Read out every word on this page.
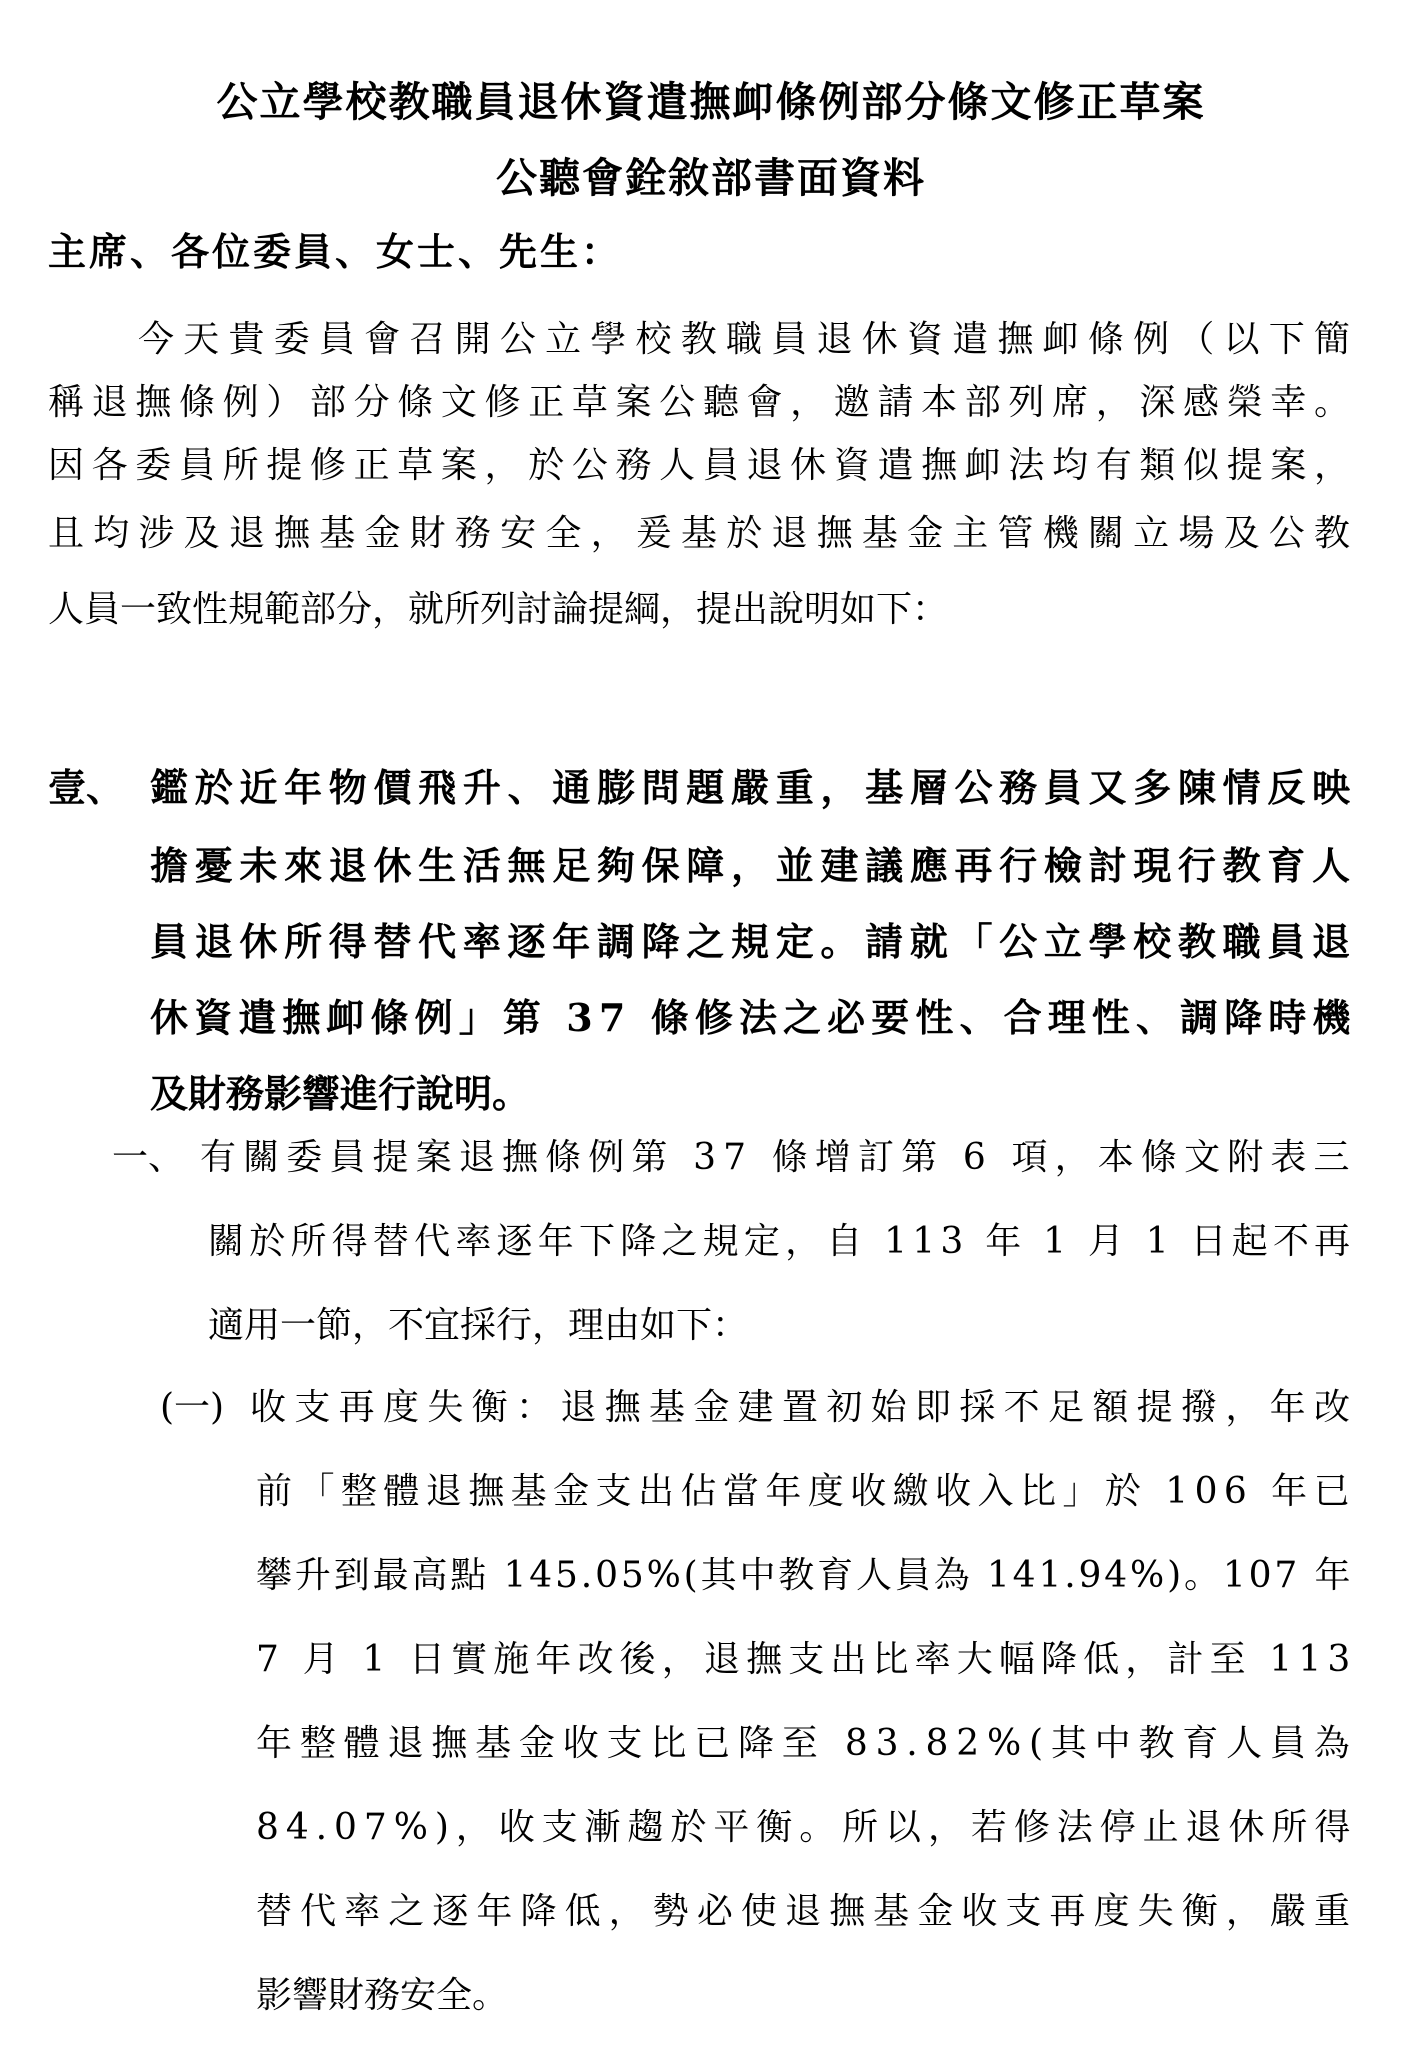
公立學校教職員退休資遣撫卹條例部分條文修正草案
公聽會銓敘部書面資料
主席、各位委員、女士、先生：
今天貴委員會召開公立學校教職員退休資遣撫卹條例（以下簡
稱退撫條例）部分條文修正草案公聽會，邀請本部列席，深感榮幸。
因各委員所提修正草案，於公務人員退休資遣撫卹法均有類似提案，
且均涉及退撫基金財務安全，爰基於退撫基金主管機關立場及公教
人員一致性規範部分，就所列討論提綱，提出說明如下：
壹、 鑑於近年物價飛升、通膨問題嚴重，基層公務員又多陳情反映
擔憂未來退休生活無足夠保障，並建議應再行檢討現行教育人
員退休所得替代率逐年調降之規定。請就「公立學校教職員退
休資遣撫卹條例」第 37 條修法之必要性、合理性、調降時機
及財務影響進行說明。
一、 有關委員提案退撫條例第 37 條增訂第 6 項，本條文附表三
關於所得替代率逐年下降之規定，自 113 年 1 月 1 日起不再
適用一節，不宜採行，理由如下：
(一) 收支再度失衡：退撫基金建置初始即採不足額提撥，年改
前「整體退撫基金支出佔當年度收繳收入比」於 106 年已
攀升到最高點 145.05%(其中教育人員為 141.94%)。107 年
7 月 1 日實施年改後，退撫支出比率大幅降低，計至 113
年整體退撫基金收支比已降至 83.82%(其中教育人員為
84.07%)，收支漸趨於平衡。所以，若修法停止退休所得
替代率之逐年降低，勢必使退撫基金收支再度失衡，嚴重
影響財務安全。
